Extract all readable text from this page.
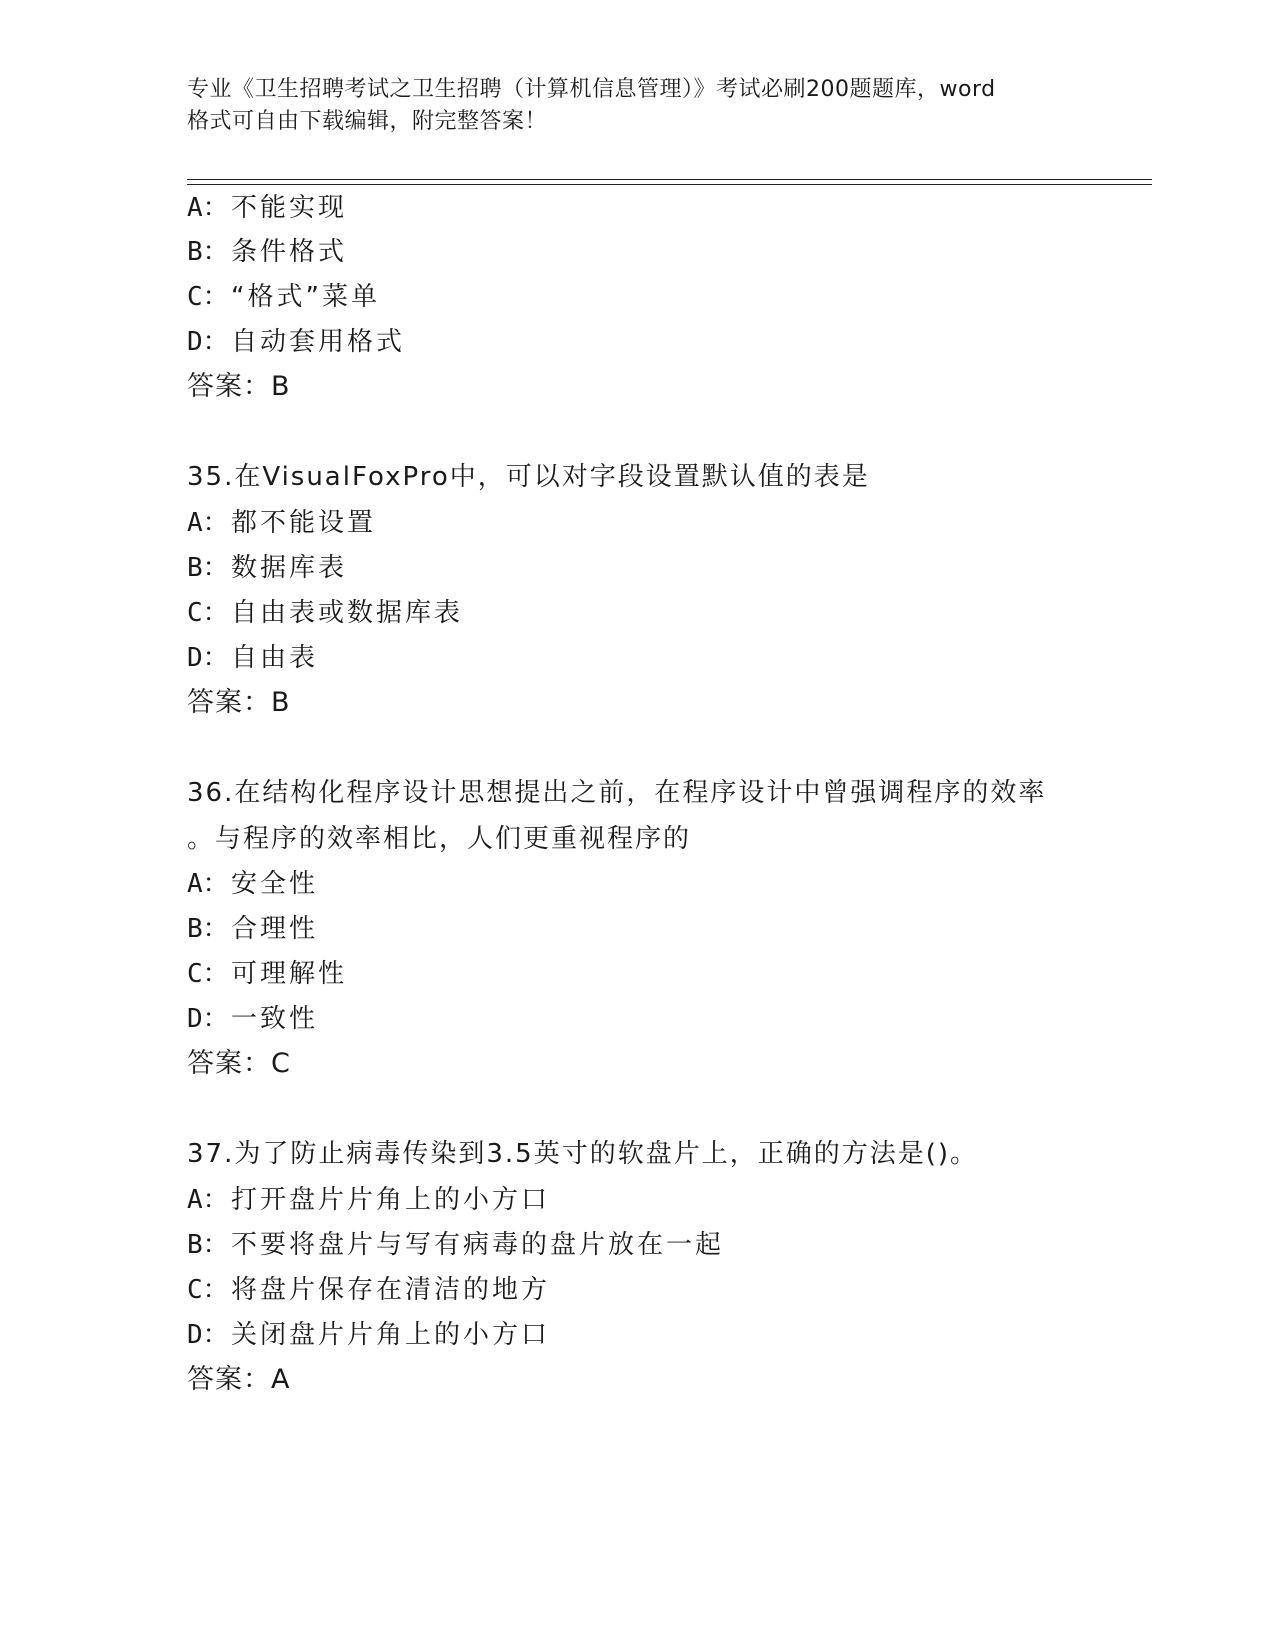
专业《卫生招聘考试之卫生招聘（计算机信息管理）》考试必刷200题题库，word
格式可自由下载编辑，附完整答案！
A：不能实现
B：条件格式
C：“格式”菜单
D：自动套用格式
答案：B
35.在VisualFoxPro中，可以对字段设置默认值的表是
A：都不能设置
B：数据库表
C：自由表或数据库表
D：自由表
答案：B
36.在结构化程序设计思想提出之前，在程序设计中曾强调程序的效率
。与程序的效率相比，人们更重视程序的
A：安全性
B：合理性
C：可理解性
D：一致性
答案：C
37.为了防止病毒传染到3.5英寸的软盘片上，正确的方法是()。
A：打开盘片片角上的小方口
B：不要将盘片与写有病毒的盘片放在一起
C：将盘片保存在清洁的地方
D：关闭盘片片角上的小方口
答案：A
